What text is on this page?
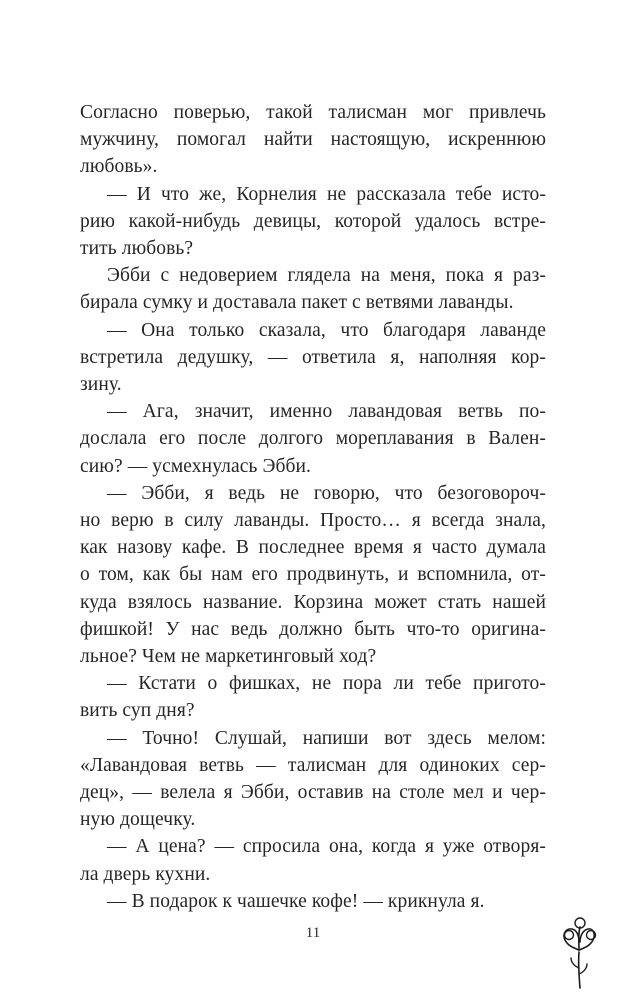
Согласно поверью, такой талисман мог привлечь
мужчину, помогал найти настоящую, искреннюю
любовь».
— И что же, Корнелия не рассказала тебе исто-
рию какой-нибудь девицы, которой удалось встре-
тить любовь?
Эбби с недоверием глядела на меня, пока я раз-
бирала сумку и доставала пакет с ветвями лаванды.
— Она только сказала, что благодаря лаванде
встретила дедушку, — ответила я, наполняя кор-
зину.
— Ага, значит, именно лавандовая ветвь по-
дослала его после долгого мореплавания в Вален-
сию? — усмехнулась Эбби.
— Эбби, я ведь не говорю, что безоговороч-
но верю в силу лаванды. Просто… я всегда знала,
как назову кафе. В последнее время я часто думала
о том, как бы нам его продвинуть, и вспомнила, от-
куда взялось название. Корзина может стать нашей
фишкой! У нас ведь должно быть что-то оригина-
льное? Чем не маркетинговый ход?
— Кстати о фишках, не пора ли тебе пригото-
вить суп дня?
— Точно! Слушай, напиши вот здесь мелом:
«Лавандовая ветвь — талисман для одиноких сер-
дец», — велела я Эбби, оставив на столе мел и чер-
ную дощечку.
— А цена? — спросила она, когда я уже отворя-
ла дверь кухни.
— В подарок к чашечке кофе! — крикнула я.
11
